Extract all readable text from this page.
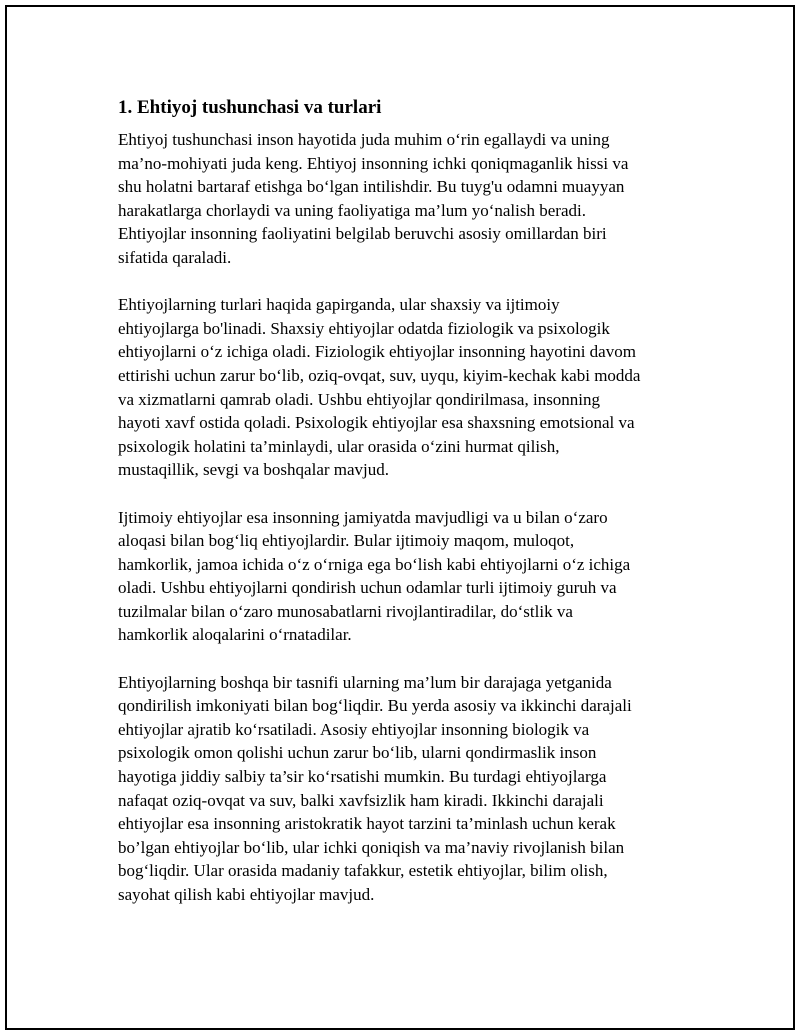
1. Ehtiyoj tushunchasi va turlari

Ehtiyoj tushunchasi inson hayotida juda muhim o‘rin egallaydi va uning
ma’no-mohiyati juda keng. Ehtiyoj insonning ichki qoniqmaganlik hissi va
shu holatni bartaraf etishga bo‘lgan intilishdir. Bu tuyg'u odamni muayyan
harakatlarga chorlaydi va uning faoliyatiga ma’lum yo‘nalish beradi.
Ehtiyojlar insonning faoliyatini belgilab beruvchi asosiy omillardan biri
sifatida qaraladi.

Ehtiyojlarning turlari haqida gapirganda, ular shaxsiy va ijtimoiy
ehtiyojlarga bo'linadi. Shaxsiy ehtiyojlar odatda fiziologik va psixologik
ehtiyojlarni o‘z ichiga oladi. Fiziologik ehtiyojlar insonning hayotini davom
ettirishi uchun zarur bo‘lib, oziq-ovqat, suv, uyqu, kiyim-kechak kabi modda
va xizmatlarni qamrab oladi. Ushbu ehtiyojlar qondirilmasa, insonning
hayoti xavf ostida qoladi. Psixologik ehtiyojlar esa shaxsning emotsional va
psixologik holatini ta’minlaydi, ular orasida o‘zini hurmat qilish,
mustaqillik, sevgi va boshqalar mavjud.

Ijtimoiy ehtiyojlar esa insonning jamiyatda mavjudligi va u bilan o‘zaro
aloqasi bilan bog‘liq ehtiyojlardir. Bular ijtimoiy maqom, muloqot,
hamkorlik, jamoa ichida o‘z o‘rniga ega bo‘lish kabi ehtiyojlarni o‘z ichiga
oladi. Ushbu ehtiyojlarni qondirish uchun odamlar turli ijtimoiy guruh va
tuzilmalar bilan o‘zaro munosabatlarni rivojlantiradilar, do‘stlik va
hamkorlik aloqalarini o‘rnatadilar.

Ehtiyojlarning boshqa bir tasnifi ularning ma’lum bir darajaga yetganida
qondirilish imkoniyati bilan bog‘liqdir. Bu yerda asosiy va ikkinchi darajali
ehtiyojlar ajratib ko‘rsatiladi. Asosiy ehtiyojlar insonning biologik va
psixologik omon qolishi uchun zarur bo‘lib, ularni qondirmaslik inson
hayotiga jiddiy salbiy ta’sir ko‘rsatishi mumkin. Bu turdagi ehtiyojlarga
nafaqat oziq-ovqat va suv, balki xavfsizlik ham kiradi. Ikkinchi darajali
ehtiyojlar esa insonning aristokratik hayot tarzini ta’minlash uchun kerak
bo’lgan ehtiyojlar bo‘lib, ular ichki qoniqish va ma’naviy rivojlanish bilan
bog‘liqdir. Ular orasida madaniy tafakkur, estetik ehtiyojlar, bilim olish,
sayohat qilish kabi ehtiyojlar mavjud.
